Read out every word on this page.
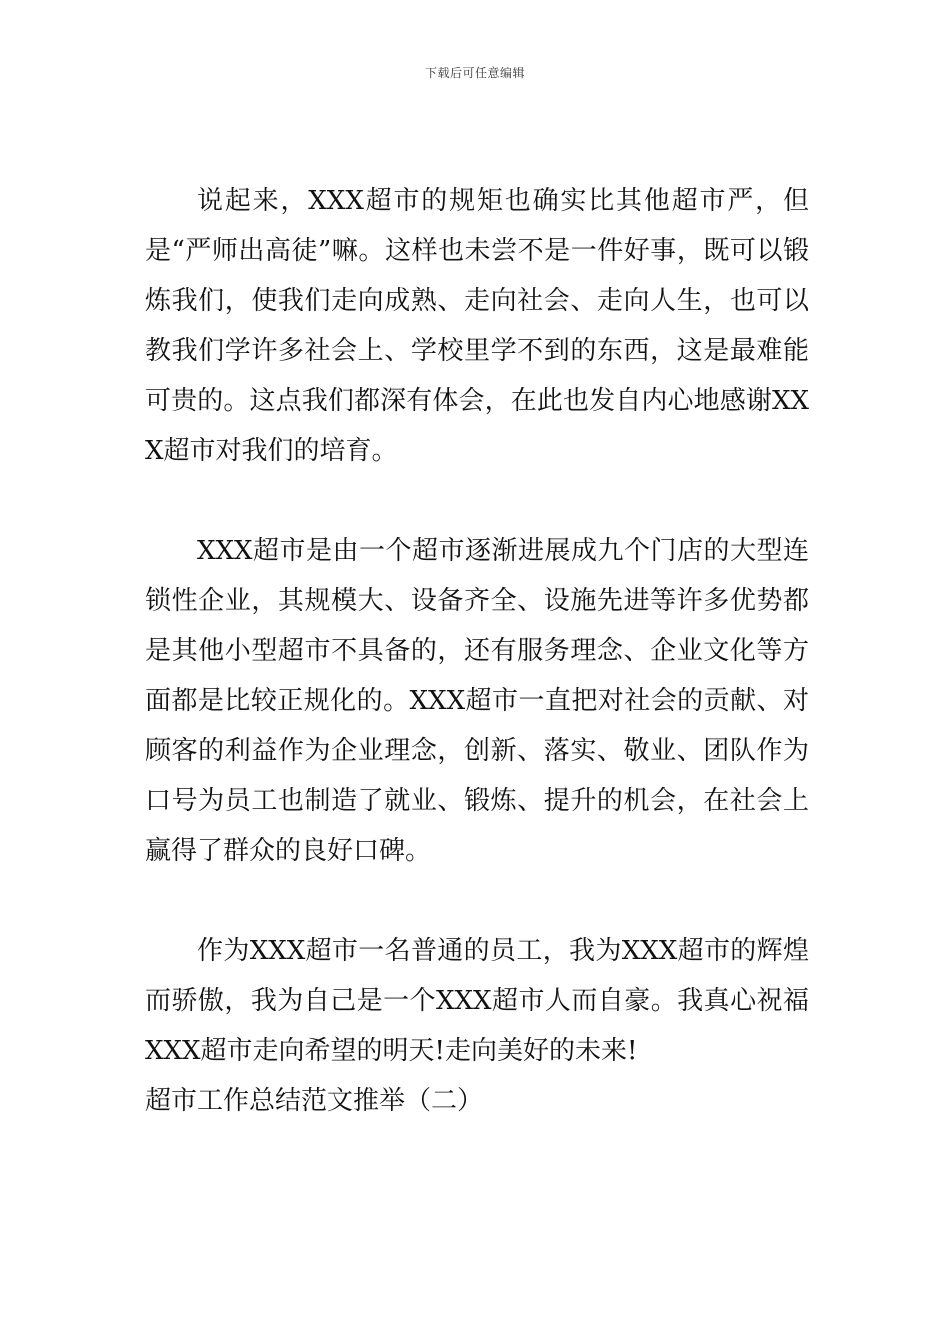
下载后可任意编辑

说起来，XXX超市的规矩也确实比其他超市严，但是“严师出高徒”嘛。这样也未尝不是一件好事，既可以锻炼我们，使我们走向成熟、走向社会、走向人生，也可以教我们学许多社会上、学校里学不到的东西，这是最难能可贵的。这点我们都深有体会，在此也发自内心地感谢XXX超市对我们的培育。

XXX超市是由一个超市逐渐进展成九个门店的大型连锁性企业，其规模大、设备齐全、设施先进等许多优势都是其他小型超市不具备的，还有服务理念、企业文化等方面都是比较正规化的。XXX超市一直把对社会的贡献、对顾客的利益作为企业理念，创新、落实、敬业、团队作为口号为员工也制造了就业、锻炼、提升的机会，在社会上赢得了群众的良好口碑。

作为XXX超市一名普通的员工，我为XXX超市的辉煌而骄傲，我为自己是一个XXX超市人而自豪。我真心祝福XXX超市走向希望的明天!走向美好的未来!

超市工作总结范文推举（二）
